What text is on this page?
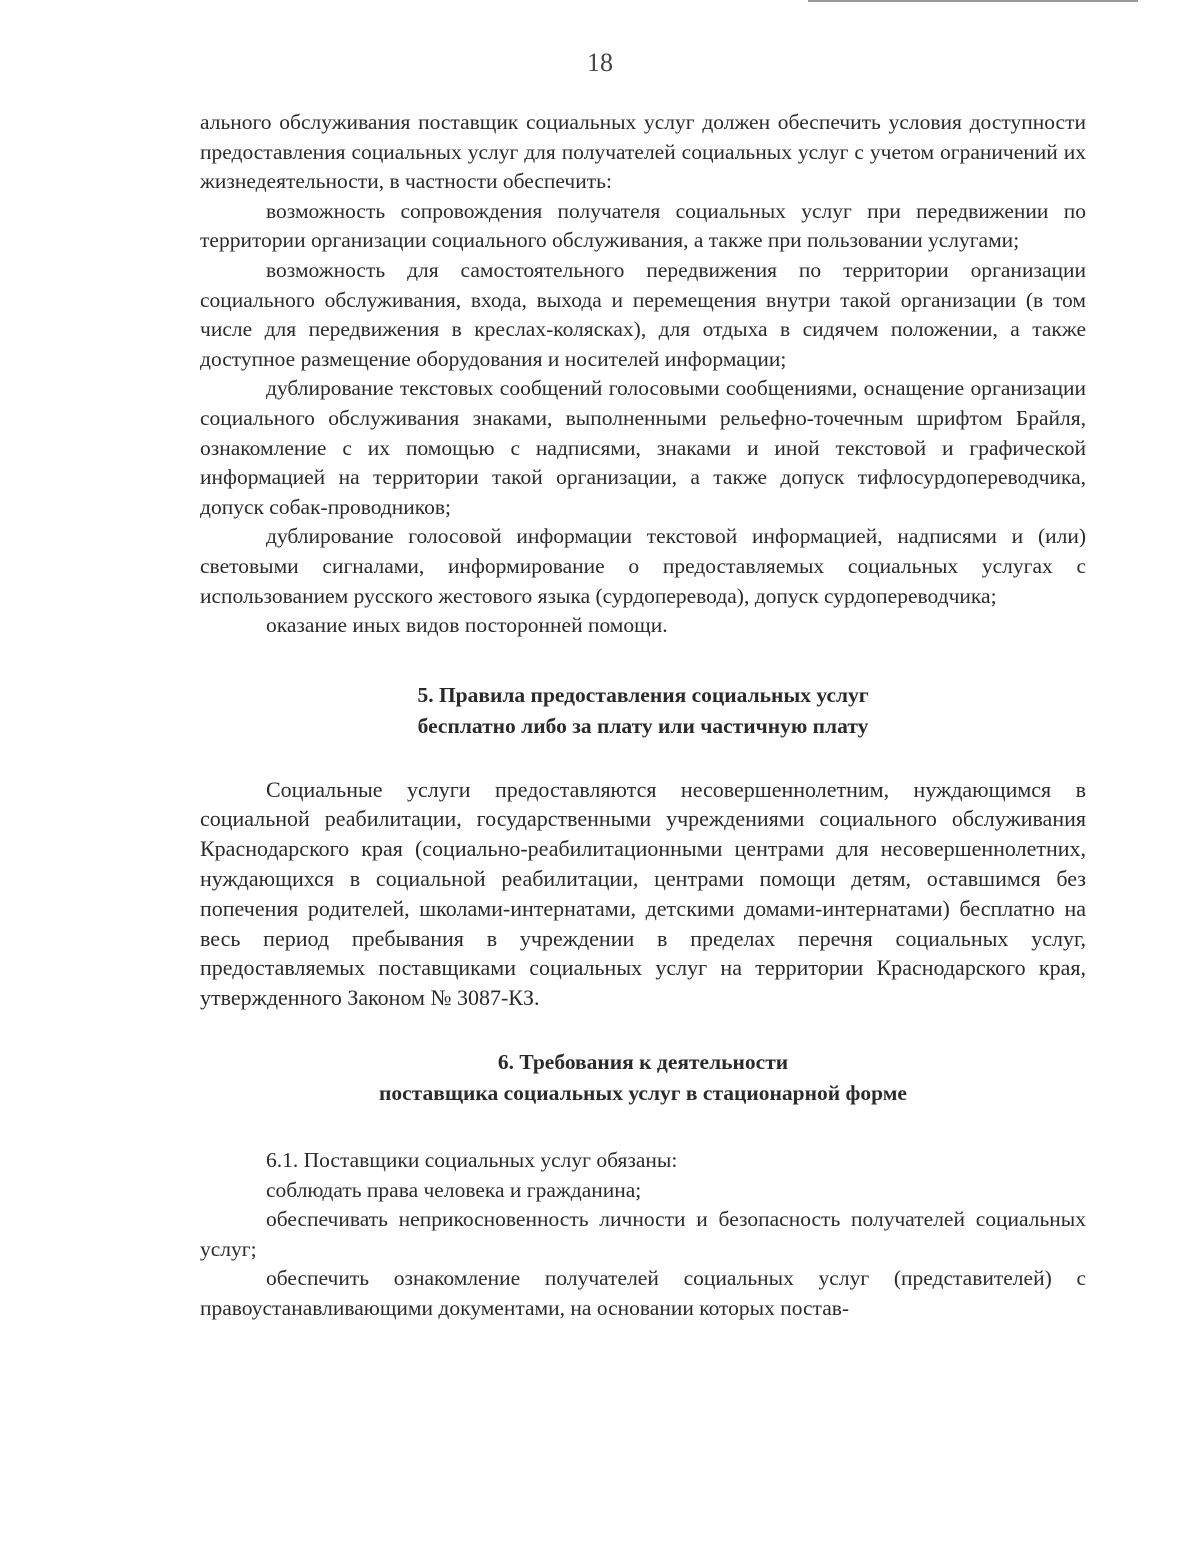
18

ального обслуживания поставщик социальных услуг должен обеспечить условия доступности предоставления социальных услуг для получателей социальных услуг с учетом ограничений их жизнедеятельности, в частности обеспечить:

возможность сопровождения получателя социальных услуг при передвижении по территории организации социального обслуживания, а также при пользовании услугами;

возможность для самостоятельного передвижения по территории организации социального обслуживания, входа, выхода и перемещения внутри такой организации (в том числе для передвижения в креслах-колясках), для отдыха в сидячем положении, а также доступное размещение оборудования и носителей информации;

дублирование текстовых сообщений голосовыми сообщениями, оснащение организации социального обслуживания знаками, выполненными рельефно-точечным шрифтом Брайля, ознакомление с их помощью с надписями, знаками и иной текстовой и графической информацией на территории такой организации, а также допуск тифлосурдопереводчика, допуск собак-проводников;

дублирование голосовой информации текстовой информацией, надписями и (или) световыми сигналами, информирование о предоставляемых социальных услугах с использованием русского жестового языка (сурдоперевода), допуск сурдопереводчика;

оказание иных видов посторонней помощи.

5. Правила предоставления социальных услуг

бесплатно либо за плату или частичную плату

Социальные услуги предоставляются несовершеннолетним, нуждающимся в социальной реабилитации, государственными учреждениями социального обслуживания Краснодарского края (социально-реабилитационными центрами для несовершеннолетних, нуждающихся в социальной реабилитации, центрами помощи детям, оставшимся без попечения родителей, школами-интернатами, детскими домами-интернатами) бесплатно на весь период пребывания в учреждении в пределах перечня социальных услуг, предоставляемых поставщиками социальных услуг на территории Краснодарского края, утвержденного Законом № 3087-КЗ.

6. Требования к деятельности

поставщика социальных услуг в стационарной форме

6.1. Поставщики социальных услуг обязаны:

соблюдать права человека и гражданина;

обеспечивать неприкосновенность личности и безопасность получателей социальных услуг;

обеспечить ознакомление получателей социальных услуг (представителей) с правоустанавливающими документами, на основании которых постав-
